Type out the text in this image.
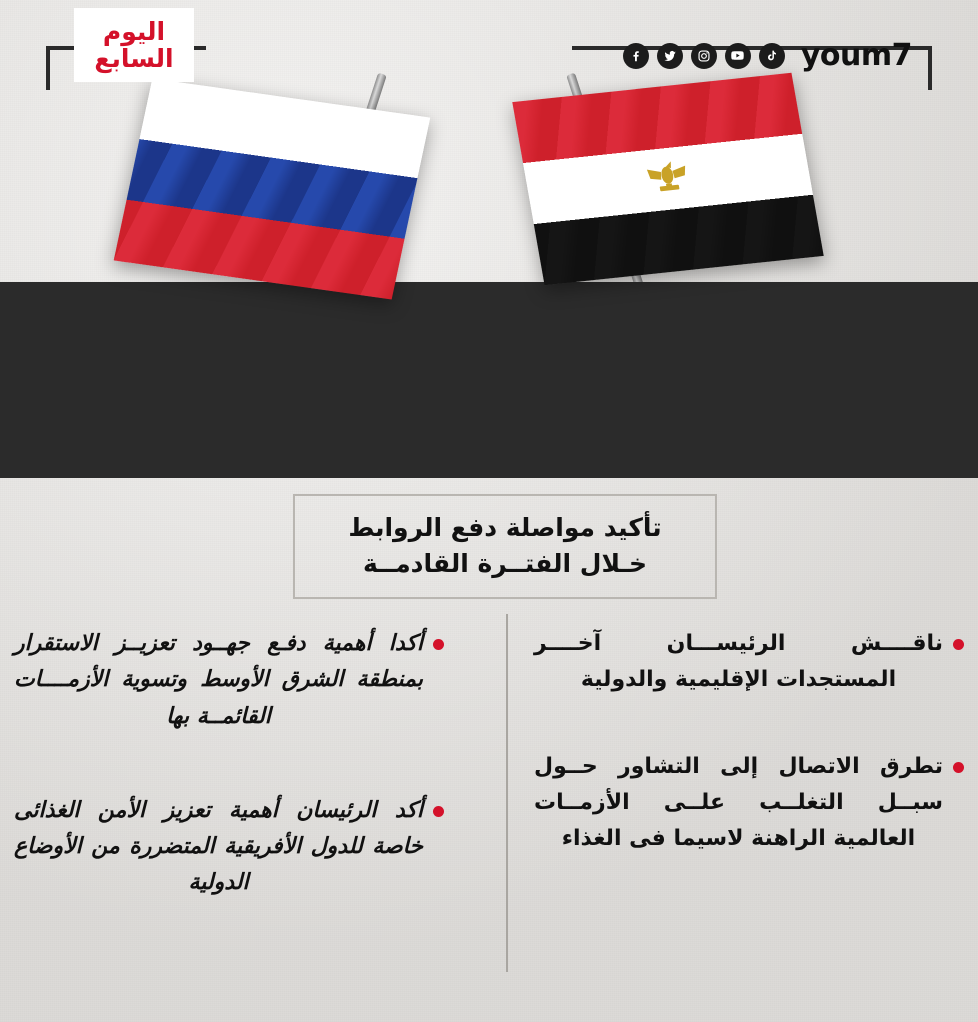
اليوم
السابع	youm7
تأكيد مواصلة دفع الروابط
خـلال الفتــرة القادمــة
ناقــــش الرئيســـان آخــــر المستجدات الإقليمية والدولية
تطرق الاتصال إلى التشاور حــول سبــل التغلــب علــى الأزمــات العالمية الراهنة لاسيما فى الغذاء
أكدا أهمية دفـع جهــود تعزيــز الاستقرار بمنطقة الشرق الأوسط وتسوية الأزمــــات القائمــة بها
أكد الرئيسان أهمية تعزيز الأمن الغذائى خاصة للدول الأفريقية المتضررة من الأوضاع الدولية
